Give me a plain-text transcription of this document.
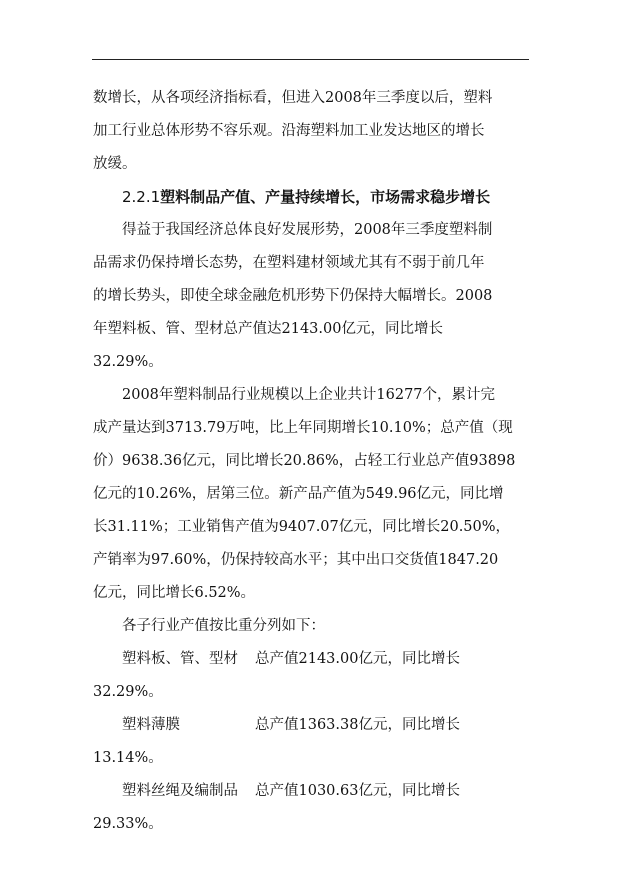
数增长，从各项经济指标看，但进入2008年三季度以后，塑料
加工行业总体形势不容乐观。沿海塑料加工业发达地区的增长
放缓。
2.2.1塑料制品产值、产量持续增长，市场需求稳步增长
得益于我国经济总体良好发展形势，2008年三季度塑料制
品需求仍保持增长态势，在塑料建材领域尤其有不弱于前几年
的增长势头，即使全球金融危机形势下仍保持大幅增长。2008
年塑料板、管、型材总产值达2143.00亿元，同比增长
32.29%。
2008年塑料制品行业规模以上企业共计16277个，累计完
成产量达到3713.79万吨，比上年同期增长10.10%；总产值（现
价）9638.36亿元，同比增长20.86%，占轻工行业总产值93898
亿元的10.26%，居第三位。新产品产值为549.96亿元，同比增
长31.11%；工业销售产值为9407.07亿元，同比增长20.50%，
产销率为97.60%，仍保持较高水平；其中出口交货值1847.20
亿元，同比增长6.52%。
各子行业产值按比重分列如下：
塑料板、管、型材 总产值2143.00亿元，同比增长
32.29%。
塑料薄膜	总产值1363.38亿元，同比增长
13.14%。
塑料丝绳及编制品 总产值1030.63亿元，同比增长
29.33%。
